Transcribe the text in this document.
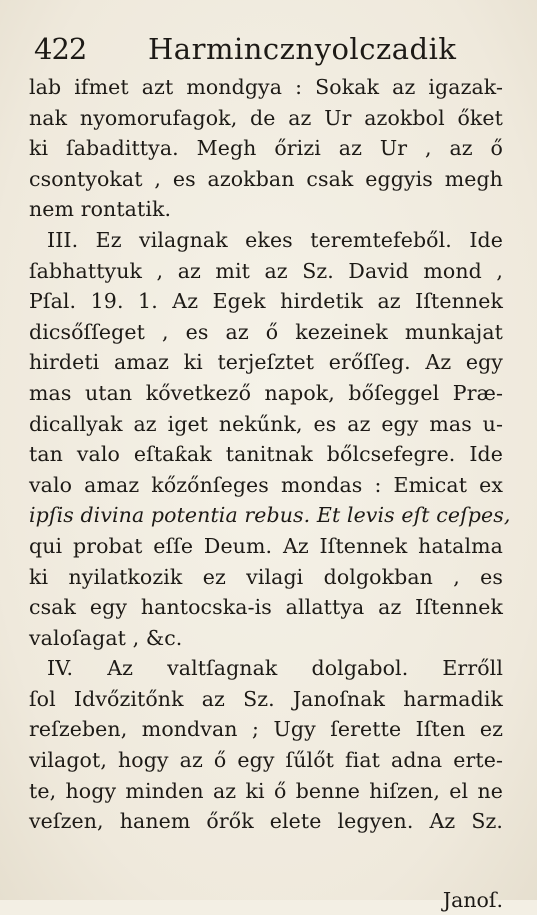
422 Harmincznyolczadik
lab ifmet azt mondgya : Sokak az igazak-
nak nyomorufagok, de az Ur azokbol őket
ki ſabadittya. Megh őrizi az Ur , az ő
csontyokat , es azokban csak eggyis megh
nem rontatik.
III. Ez vilagnak ekes teremtefeből. Ide
ſabhattyuk , az mit az Sz. David mond ,
Pſal. 19. 1. Az Egek hirdetik az Iſtennek
dicsőſſeget , es az ő kezeinek munkajat
hirdeti amaz ki terjeſztet erőſſeg. Az egy
mas utan kővetkező napok, bőſeggel Præ-
dicallyak az iget nekűnk, es az egy mas u-
tan valo eſtaƙak tanitnak bőlcsefegre. Ide
valo amaz kőzőnſeges mondas : Emicat ex
ipſis divina potentia rebus. Et levis eſt ceſpes,
qui probat eſſe Deum. Az Iſtennek hatalma
ki nyilatkozik ez vilagi dolgokban , es
csak egy hantocska-is allattya az Iſtennek
valoſagat , &c.
IV. Az valtſagnak dolgabol. Errőll
ſol Idvőzitőnk az Sz. Janoſnak harmadik
reſzeben, mondvan ; Ugy ſerette Iſten ez
vilagot, hogy az ő egy ſűlőt fiat adna erte-
te, hogy minden az ki ő benne hiſzen, el ne
veſzen, hanem őrők elete legyen. Az Sz.
Janoſ.
